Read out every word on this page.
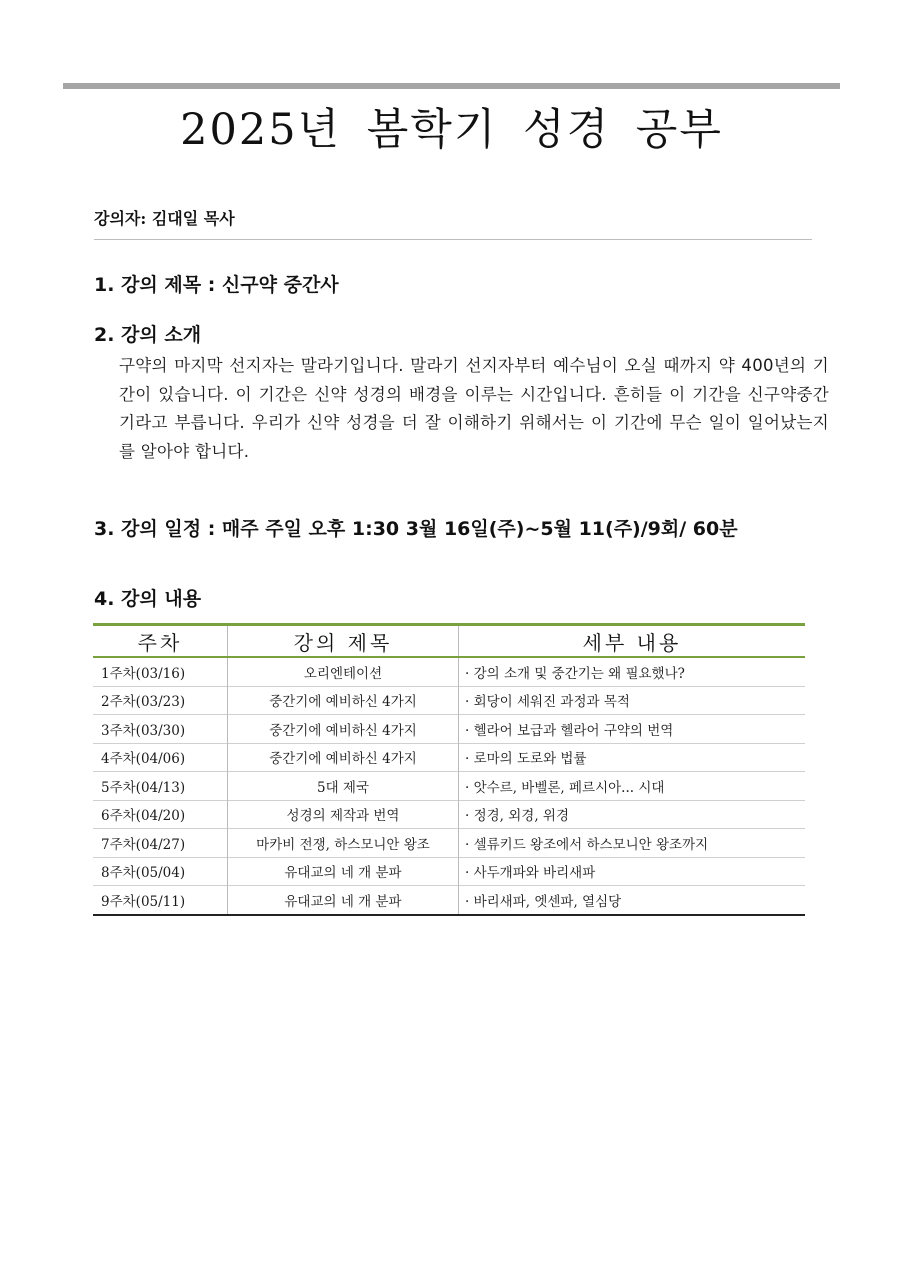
2025년 봄학기 성경 공부
강의자: 김대일 목사
1. 강의 제목 : 신구약 중간사
2. 강의 소개
구약의 마지막 선지자는 말라기입니다. 말라기 선지자부터 예수님이 오실 때까지 약 400년의 기간이 있습니다. 이 기간은 신약 성경의 배경을 이루는 시간입니다. 흔히들 이 기간을 신구약중간기라고 부릅니다. 우리가 신약 성경을 더 잘 이해하기 위해서는 이 기간에 무슨 일이 일어났는지를 알아야 합니다.
3. 강의 일정 : 매주 주일 오후 1:30 3월 16일(주)~5월 11(주)/9회/ 60분
4. 강의 내용
주차	강의 제목	세부 내용
1주차(03/16)	오리엔테이션	· 강의 소개 및 중간기는 왜 필요했나?
2주차(03/23)	중간기에 예비하신 4가지	· 회당이 세워진 과정과 목적
3주차(03/30)	중간기에 예비하신 4가지	· 헬라어 보급과 헬라어 구약의 번역
4주차(04/06)	중간기에 예비하신 4가지	· 로마의 도로와 법률
5주차(04/13)	5대 제국	· 앗수르, 바벨론, 페르시아... 시대
6주차(04/20)	성경의 제작과 번역	· 정경, 외경, 위경
7주차(04/27)	마카비 전쟁, 하스모니안 왕조	· 셀류키드 왕조에서 하스모니안 왕조까지
8주차(05/04)	유대교의 네 개 분파	· 사두개파와 바리새파
9주차(05/11)	유대교의 네 개 분파	· 바리새파, 엣센파, 열심당
